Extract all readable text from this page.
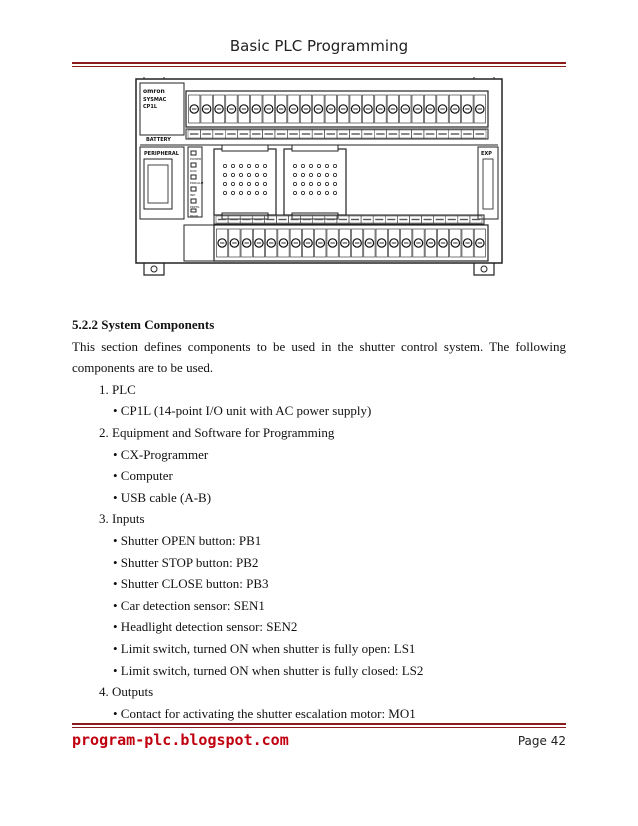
Basic PLC Programming
omron
SYSMAC
CP1L
BATTERY
PERIPHERAL
POWER
RUN
ERR/ALM
INH
PRPHL
BKUP
EXP
5.2.2 System Components
This section defines components to be used in the shutter control system. The following components are to be used.
1. PLC
• CP1L (14-point I/O unit with AC power supply)
2. Equipment and Software for Programming
• CX-Programmer
• Computer
• USB cable (A-B)
3. Inputs
• Shutter OPEN button: PB1
• Shutter STOP button: PB2
• Shutter CLOSE button: PB3
• Car detection sensor: SEN1
• Headlight detection sensor: SEN2
• Limit switch, turned ON when shutter is fully open: LS1
• Limit switch, turned ON when shutter is fully closed: LS2
4. Outputs
• Contact for activating the shutter escalation motor: MO1
program-plc.blogspot.com	Page 42
